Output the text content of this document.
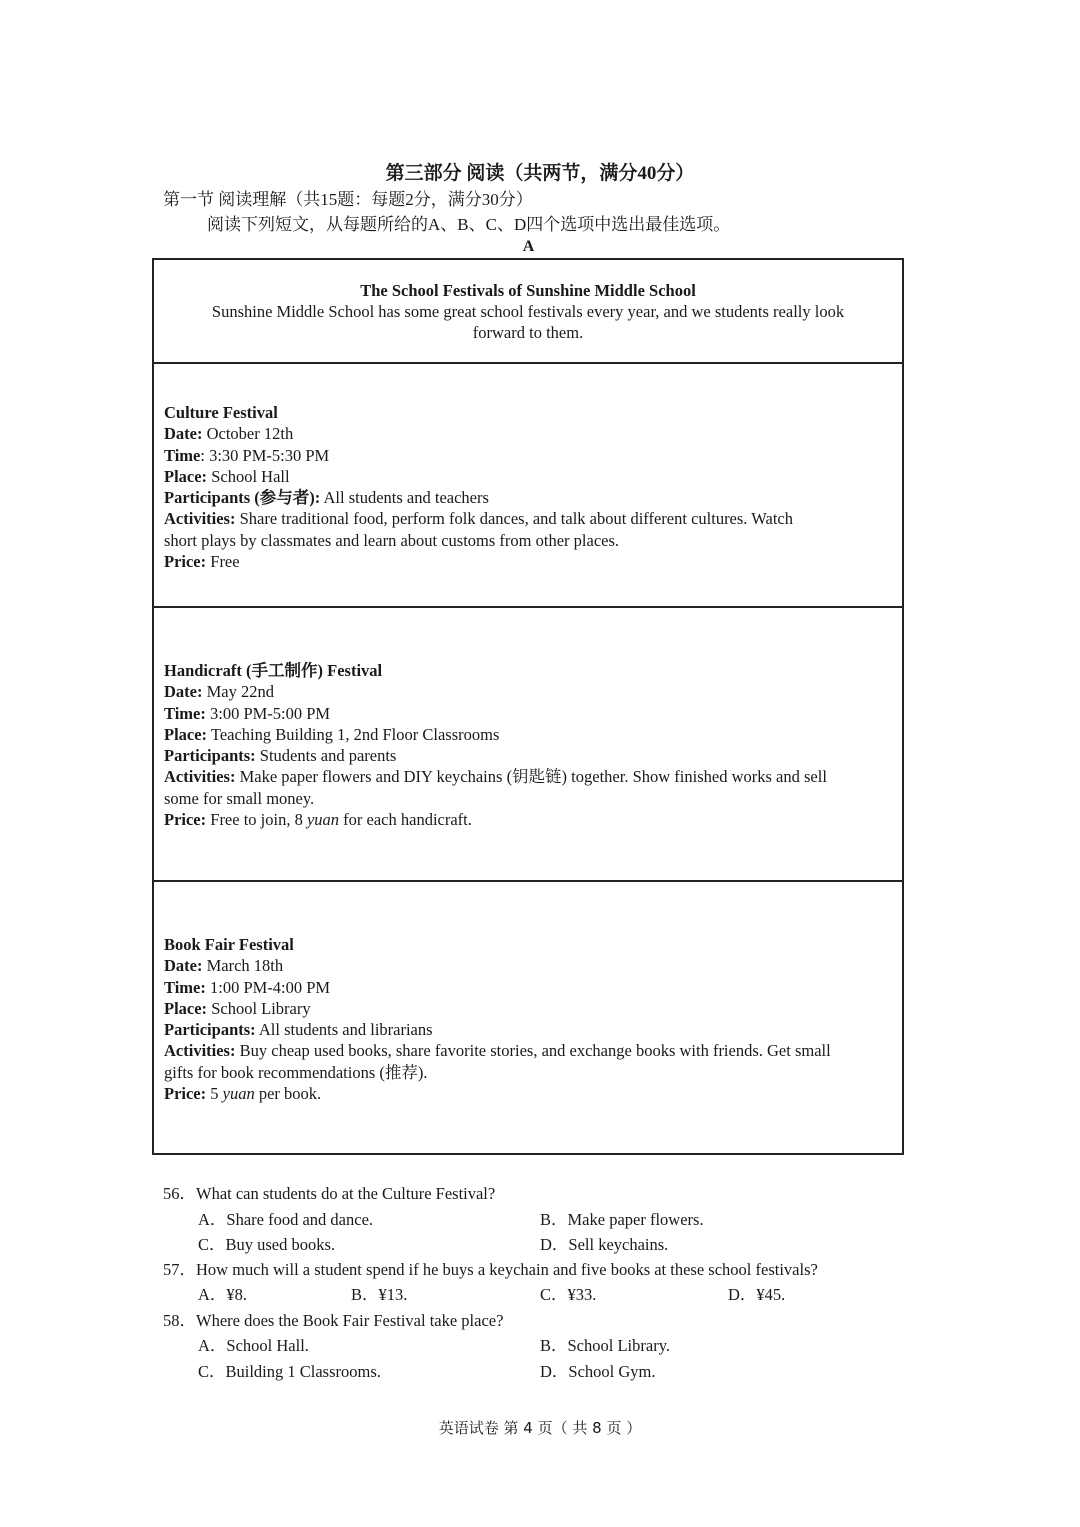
第三部分 阅读（共两节，满分40分）
第一节 阅读理解（共15题：每题2分，满分30分）
阅读下列短文，从每题所给的A、B、C、D四个选项中选出最佳选项。
A
The School Festivals of Sunshine Middle School
Sunshine Middle School has some great school festivals every year, and we students really look
forward to them.
Culture Festival
Date: October 12th
Time: 3:30 PM-5:30 PM
Place: School Hall
Participants (参与者): All students and teachers
Activities: Share traditional food, perform folk dances, and talk about different cultures. Watch
short plays by classmates and learn about customs from other places.
Price: Free
Handicraft (手工制作) Festival
Date: May 22nd
Time: 3:00 PM-5:00 PM
Place: Teaching Building 1, 2nd Floor Classrooms
Participants: Students and parents
Activities: Make paper flowers and DIY keychains (钥匙链) together. Show finished works and sell
some for small money.
Price: Free to join, 8 yuan for each handicraft.
Book Fair Festival
Date: March 18th
Time: 1:00 PM-4:00 PM
Place: School Library
Participants: All students and librarians
Activities: Buy cheap used books, share favorite stories, and exchange books with friends. Get small
gifts for book recommendations (推荐).
Price: 5 yuan per book.
56．What can students do at the Culture Festival?
A．Share food and dance.	B．Make paper flowers.
C．Buy used books.	D．Sell keychains.
57．How much will a student spend if he buys a keychain and five books at these school festivals?
A．¥8.	B．¥13.	C．¥33.	D．¥45.
58．Where does the Book Fair Festival take place?
A．School Hall.	B．School Library.
C．Building 1 Classrooms.	D．School Gym.
英语试卷 第 4 页（ 共 8 页 ）
